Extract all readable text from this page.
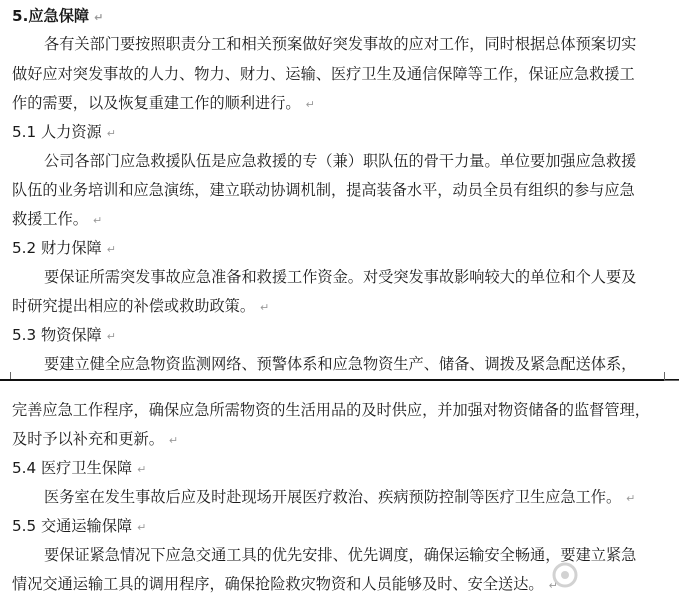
5.应急保障 ↵
各有关部门要按照职责分工和相关预案做好突发事故的应对工作，同时根据总体预案切实
做好应对突发事故的人力、物力、财力、运输、医疗卫生及通信保障等工作，保证应急救援工
作的需要，以及恢复重建工作的顺利进行。 ↵
5.1 人力资源 ↵
公司各部门应急救援队伍是应急救援的专（兼）职队伍的骨干力量。单位要加强应急救援
队伍的业务培训和应急演练，建立联动协调机制，提高装备水平，动员全员有组织的参与应急
救援工作。 ↵
5.2 财力保障 ↵
要保证所需突发事故应急准备和救援工作资金。对受突发事故影响较大的单位和个人要及
时研究提出相应的补偿或救助政策。 ↵
5.3 物资保障 ↵
要建立健全应急物资监测网络、预警体系和应急物资生产、储备、调拨及紧急配送体系，
完善应急工作程序，确保应急所需物资的生活用品的及时供应，并加强对物资储备的监督管理，
及时予以补充和更新。 ↵
5.4 医疗卫生保障 ↵
医务室在发生事故后应及时赴现场开展医疗救治、疾病预防控制等医疗卫生应急工作。 ↵
5.5 交通运输保障 ↵
要保证紧急情况下应急交通工具的优先安排、优先调度，确保运输安全畅通，要建立紧急
情况交通运输工具的调用程序，确保抢险救灾物资和人员能够及时、安全送达。 ↵
